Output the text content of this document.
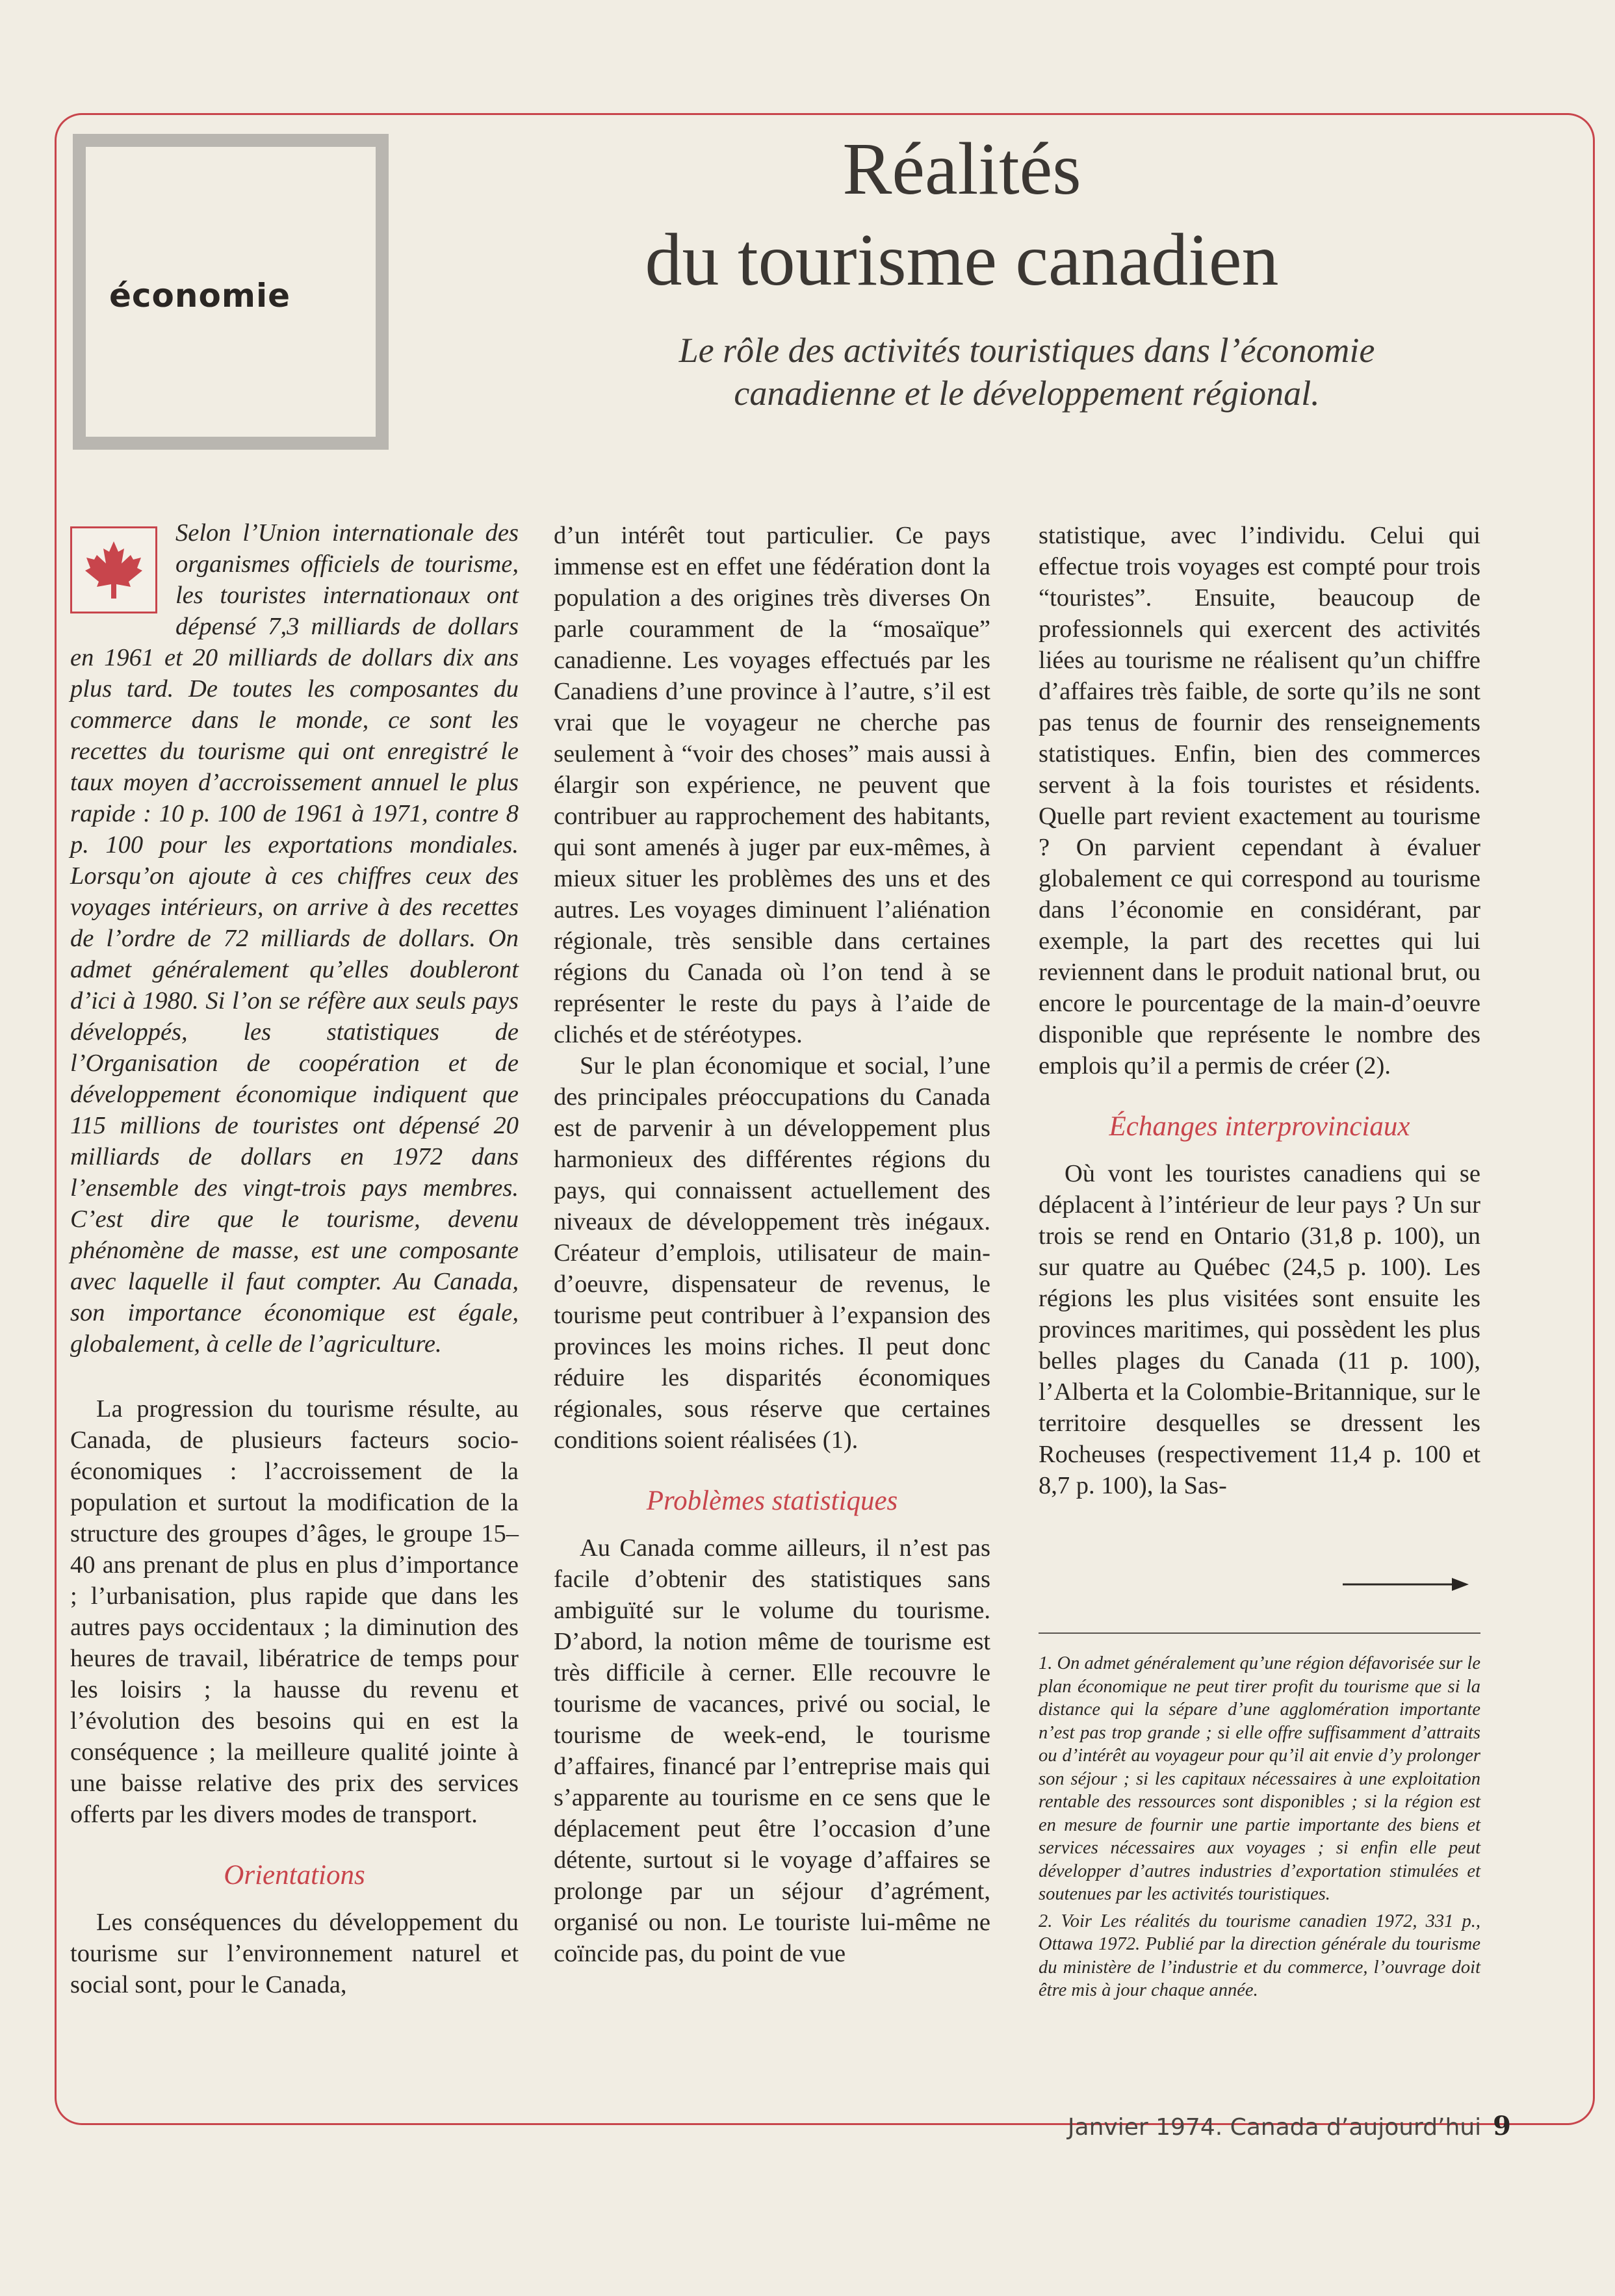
économie
Réalités
du tourisme canadien

Le rôle des activités touristiques dans l’économie canadienne et le développement régional.

Selon l’Union internationale des organismes officiels de tourisme, les touristes internationaux ont dépensé 7,3 milliards de dollars en 1961 et 20 milliards de dollars dix ans plus tard. De toutes les composantes du commerce dans le monde, ce sont les recettes du tourisme qui ont enregistré le taux moyen d’accroissement annuel le plus rapide : 10 p. 100 de 1961 à 1971, contre 8 p. 100 pour les exportations mondiales. Lorsqu’on ajoute à ces chiffres ceux des voyages intérieurs, on arrive à des recettes de l’ordre de 72 milliards de dollars. On admet généralement qu’elles doubleront d’ici à 1980. Si l’on se réfère aux seuls pays développés, les statistiques de l’Organisation de coopération et de développement économique indiquent que 115 millions de touristes ont dépensé 20 milliards de dollars en 1972 dans l’ensemble des vingt-trois pays membres. C’est dire que le tourisme, devenu phénomène de masse, est une composante avec laquelle il faut compter. Au Canada, son importance économique est égale, globalement, à celle de l’agriculture.

La progression du tourisme résulte, au Canada, de plusieurs facteurs socio-économiques : l’accroissement de la population et surtout la modification de la structure des groupes d’âges, le groupe 15–40 ans prenant de plus en plus d’importance ; l’urbanisation, plus rapide que dans les autres pays occidentaux ; la diminution des heures de travail, libératrice de temps pour les loisirs ; la hausse du revenu et l’évolution des besoins qui en est la conséquence ; la meilleure qualité jointe à une baisse relative des prix des services offerts par les divers modes de transport.

Orientations

Les conséquences du développement du tourisme sur l’environnement naturel et social sont, pour le Canada,

d’un intérêt tout particulier. Ce pays immense est en effet une fédération dont la population a des origines très diverses On parle couramment de la “mosaïque” canadienne. Les voyages effectués par les Canadiens d’une province à l’autre, s’il est vrai que le voyageur ne cherche pas seulement à “voir des choses” mais aussi à élargir son expérience, ne peuvent que contribuer au rapprochement des habitants, qui sont amenés à juger par eux-mêmes, à mieux situer les problèmes des uns et des autres. Les voyages diminuent l’aliénation régionale, très sensible dans certaines régions du Canada où l’on tend à se représenter le reste du pays à l’aide de clichés et de stéréotypes.

Sur le plan économique et social, l’une des principales préoccupations du Canada est de parvenir à un développement plus harmonieux des différentes régions du pays, qui connaissent actuellement des niveaux de développement très inégaux. Créateur d’emplois, utilisateur de main-d’oeuvre, dispensateur de revenus, le tourisme peut contribuer à l’expansion des provinces les moins riches. Il peut donc réduire les disparités économiques régionales, sous réserve que certaines conditions soient réalisées (1).

Problèmes statistiques

Au Canada comme ailleurs, il n’est pas facile d’obtenir des statistiques sans ambiguïté sur le volume du tourisme. D’abord, la notion même de tourisme est très difficile à cerner. Elle recouvre le tourisme de vacances, privé ou social, le tourisme de week-end, le tourisme d’affaires, financé par l’entreprise mais qui s’apparente au tourisme en ce sens que le déplacement peut être l’occasion d’une détente, surtout si le voyage d’affaires se prolonge par un séjour d’agrément, organisé ou non. Le touriste lui-même ne coïncide pas, du point de vue

statistique, avec l’individu. Celui qui effectue trois voyages est compté pour trois “touristes”. Ensuite, beaucoup de professionnels qui exercent des activités liées au tourisme ne réalisent qu’un chiffre d’affaires très faible, de sorte qu’ils ne sont pas tenus de fournir des renseignements statistiques. Enfin, bien des commerces servent à la fois touristes et résidents. Quelle part revient exactement au tourisme ? On parvient cependant à évaluer globalement ce qui correspond au tourisme dans l’économie en considérant, par exemple, la part des recettes qui lui reviennent dans le produit national brut, ou encore le pourcentage de la main-d’oeuvre disponible que représente le nombre des emplois qu’il a permis de créer (2).

Échanges interprovinciaux

Où vont les touristes canadiens qui se déplacent à l’intérieur de leur pays ? Un sur trois se rend en Ontario (31,8 p. 100), un sur quatre au Québec (24,5 p. 100). Les régions les plus visitées sont ensuite les provinces maritimes, qui possèdent les plus belles plages du Canada (11 p. 100), l’Alberta et la Colombie-Britannique, sur le territoire desquelles se dressent les Rocheuses (respectivement 11,4 p. 100 et 8,7 p. 100), la Sas-

1. On admet généralement qu’une région défavorisée sur le plan économique ne peut tirer profit du tourisme que si la distance qui la sépare d’une agglomération importante n’est pas trop grande ; si elle offre suffisamment d’attraits ou d’intérêt au voyageur pour qu’il ait envie d’y prolonger son séjour ; si les capitaux nécessaires à une exploitation rentable des ressources sont disponibles ; si la région est en mesure de fournir une partie importante des biens et services nécessaires aux voyages ; si enfin elle peut développer d’autres industries d’exportation stimulées et soutenues par les activités touristiques.

2. Voir Les réalités du tourisme canadien 1972, 331 p., Ottawa 1972. Publié par la direction générale du tourisme du ministère de l’industrie et du commerce, l’ouvrage doit être mis à jour chaque année.

Janvier 1974. Canada d’aujourd’hui 9
